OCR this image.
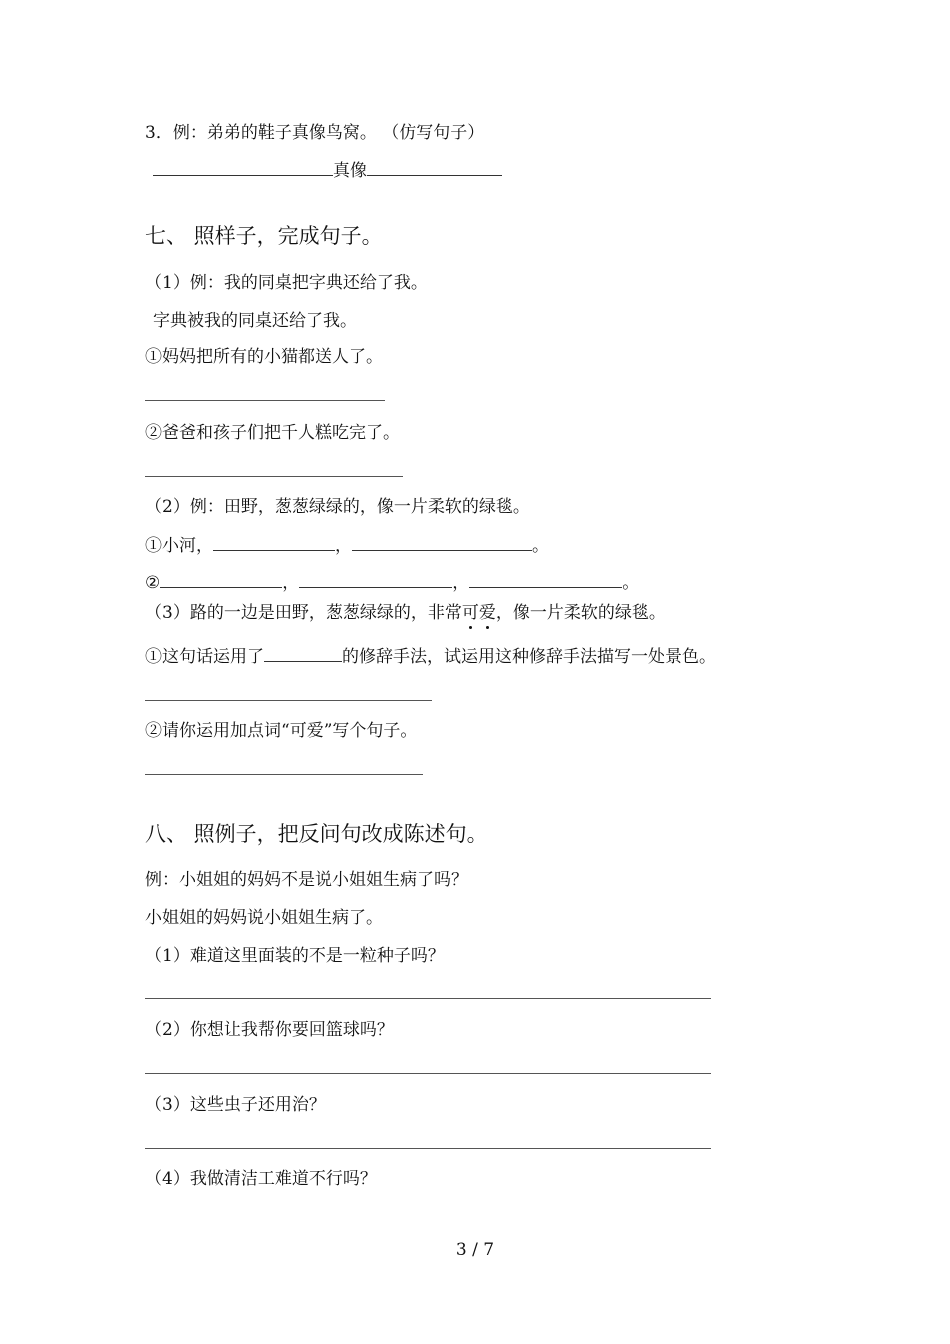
3．例：弟弟的鞋子真像鸟窝。 （仿写句子）
真像
七、 照样子，完成句子。
（1）例：我的同桌把字典还给了我。
字典被我的同桌还给了我。
①妈妈把所有的小猫都送人了。
②爸爸和孩子们把千人糕吃完了。
（2）例：田野，葱葱绿绿的，像一片柔软的绿毯。
①小河，	，	。
②	，	，	。
（3）路的一边是田野，葱葱绿绿的，非常可爱，像一片柔软的绿毯。
①这句话运用了	的修辞手法，试运用这种修辞手法描写一处景色。
②请你运用加点词“可爱”写个句子。
八、 照例子，把反问句改成陈述句。
例：小姐姐的妈妈不是说小姐姐生病了吗？
小姐姐的妈妈说小姐姐生病了。
（1）难道这里面装的不是一粒种子吗？
（2）你想让我帮你要回篮球吗？
（3）这些虫子还用治？
（4）我做清洁工难道不行吗？
3 / 7
